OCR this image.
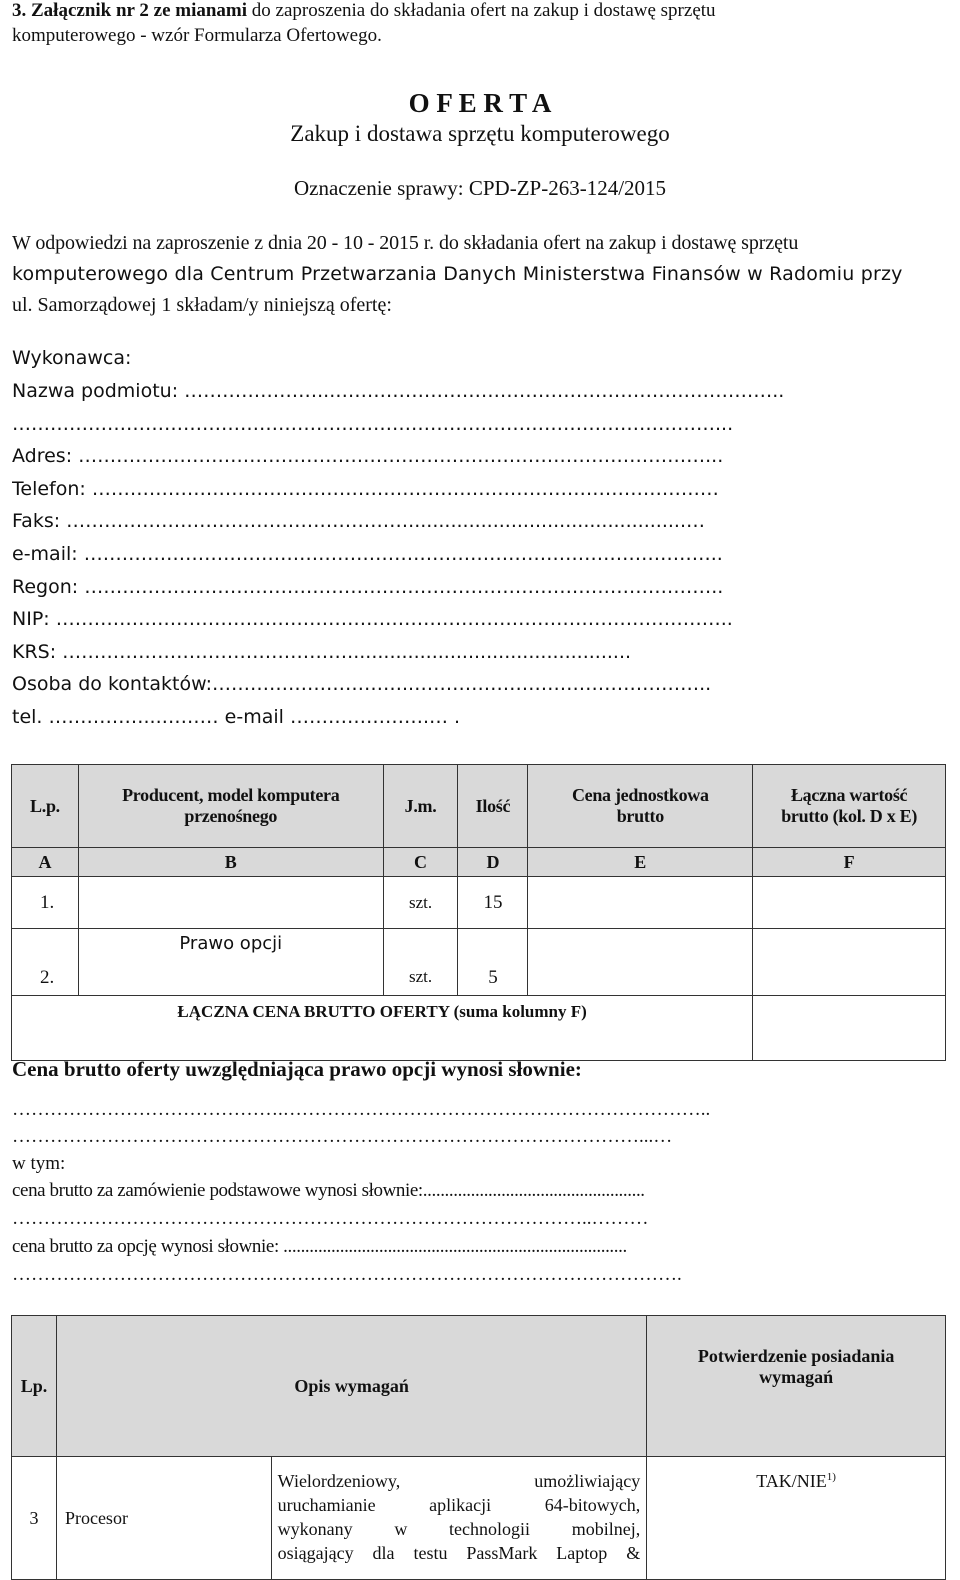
3. Załącznik nr 2 ze mianami do zaproszenia do składania ofert na zakup i dostawę sprzętu
komputerowego - wzór Formularza Ofertowego.
O F E R T A
Zakup i dostawa sprzętu komputerowego
Oznaczenie sprawy: CPD-ZP-263-124/2015
W odpowiedzi na zaproszenie z dnia 20 - 10 - 2015 r. do składania ofert na zakup i dostawę sprzętu
komputerowego dla Centrum Przetwarzania Danych Ministerstwa Finansów w Radomiu przy
ul. Samorządowej 1 składam/y niniejszą ofertę:
Wykonawca:
Nazwa podmiotu: …………………...……………………………………………………………..
…………………………………………………………………………………………………...
Adres: ………………………………………………………………………………………...
Telefon: ………………………………………………………………………………………
Faks: ………………………………………………..............................................…
e-mail: ………………………………………………………………………………………..
Regon: ………………………………………………………………………………………..
NIP: ……………………………………………………………………………………………..
KRS: ………………………………………...............................................
Osoba do kontaktów:…………………………..………………………………………..
tel. ……………...……… e-mail ………………….… .
L.p.	Producent, model komputera przenośnego	J.m.	Ilość	Cena jednostkowa brutto	Łączna wartość brutto (kol. D x E)
A	B	C	D	E	F
1.		szt.	15		
2.	Prawo opcji	szt.	5		
ŁĄCZNA CENA BRUTTO OFERTY (suma kolumny F)					
Cena brutto oferty uwzględniająca prawo opcji wynosi słownie:
…………………………………….…………………………………………………………..
………………………………………………………………………………………...…
w tym:
cena brutto za zamówienie podstawowe wynosi słownie:...................................................
………………………………………………………………………………..………
cena brutto za opcję wynosi słownie: ...............................................................................
…………………………………………………………………………………………….
Lp.	Opis wymagań		Potwierdzenie posiadania wymagań
3	Procesor	Wielordzeniowy, umożliwiający
uruchamianie aplikacji 64-bitowych,
wykonany w technologii mobilnej,
osiągający dla testu PassMark Laptop &	TAK/NIE$^{1)}$
